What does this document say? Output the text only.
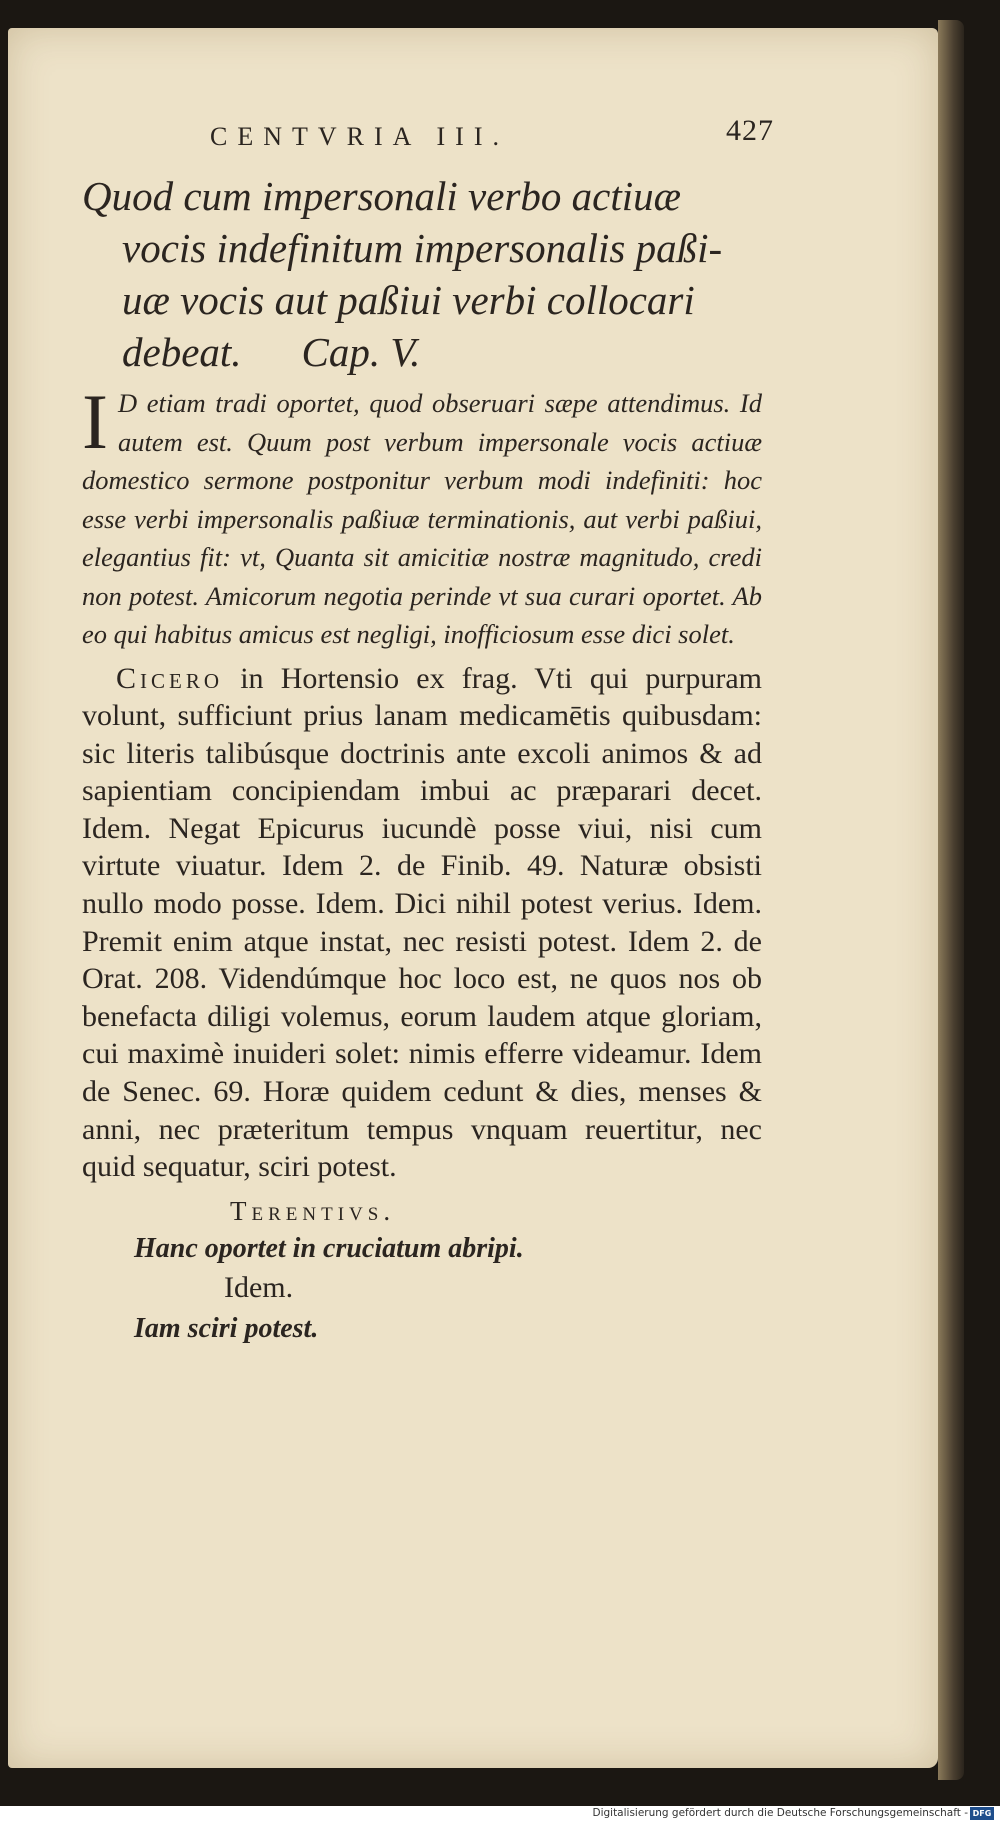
CENTVRIA III.	427
Quod cum impersonali verbo actiuæ
vocis indefinitum impersonalis paßi-
uæ vocis aut paßiui verbi collocari
debeat. Cap. V.

I D etiam tradi oportet, quod obseruari sæpe attendimus. Id autem est. Quum post verbum impersonale vocis actiuæ domestico sermone postponitur verbum modi indefiniti: hoc esse verbi impersonalis paßiuæ terminationis, aut verbi paßiui, elegantius fit: vt, Quanta sit amicitiæ nostræ magnitudo, credi non potest. Amicorum negotia perinde vt sua curari oportet. Ab eo qui habitus amicus est negligi, inofficiosum esse dici solet.

Cicero in Hortensio ex frag. Vti qui purpuram volunt, sufficiunt prius lanam medicamētis quibusdam: sic literis talibúsque doctrinis ante excoli animos & ad sapientiam concipiendam imbui ac præparari decet. Idem. Negat Epicurus iucundè posse viui, nisi cum virtute viuatur. Idem 2. de Finib. 49. Naturæ obsisti nullo modo posse. Idem. Dici nihil potest verius. Idem. Premit enim atque instat, nec resisti potest. Idem 2. de Orat. 208. Videndúmque hoc loco est, ne quos nos ob benefacta diligi volemus, eorum laudem atque gloriam, cui maximè inuideri solet: nimis efferre videamur. Idem de Senec. 69. Horæ quidem cedunt & dies, menses & anni, nec præteritum tempus vnquam reuertitur, nec quid sequatur, sciri potest.

Terentivs.
Hanc oportet in cruciatum abripi.
Idem.
Iam sciri potest.
Digitalisierung gefördert durch die Deutsche Forschungsgemeinschaft - DFG
